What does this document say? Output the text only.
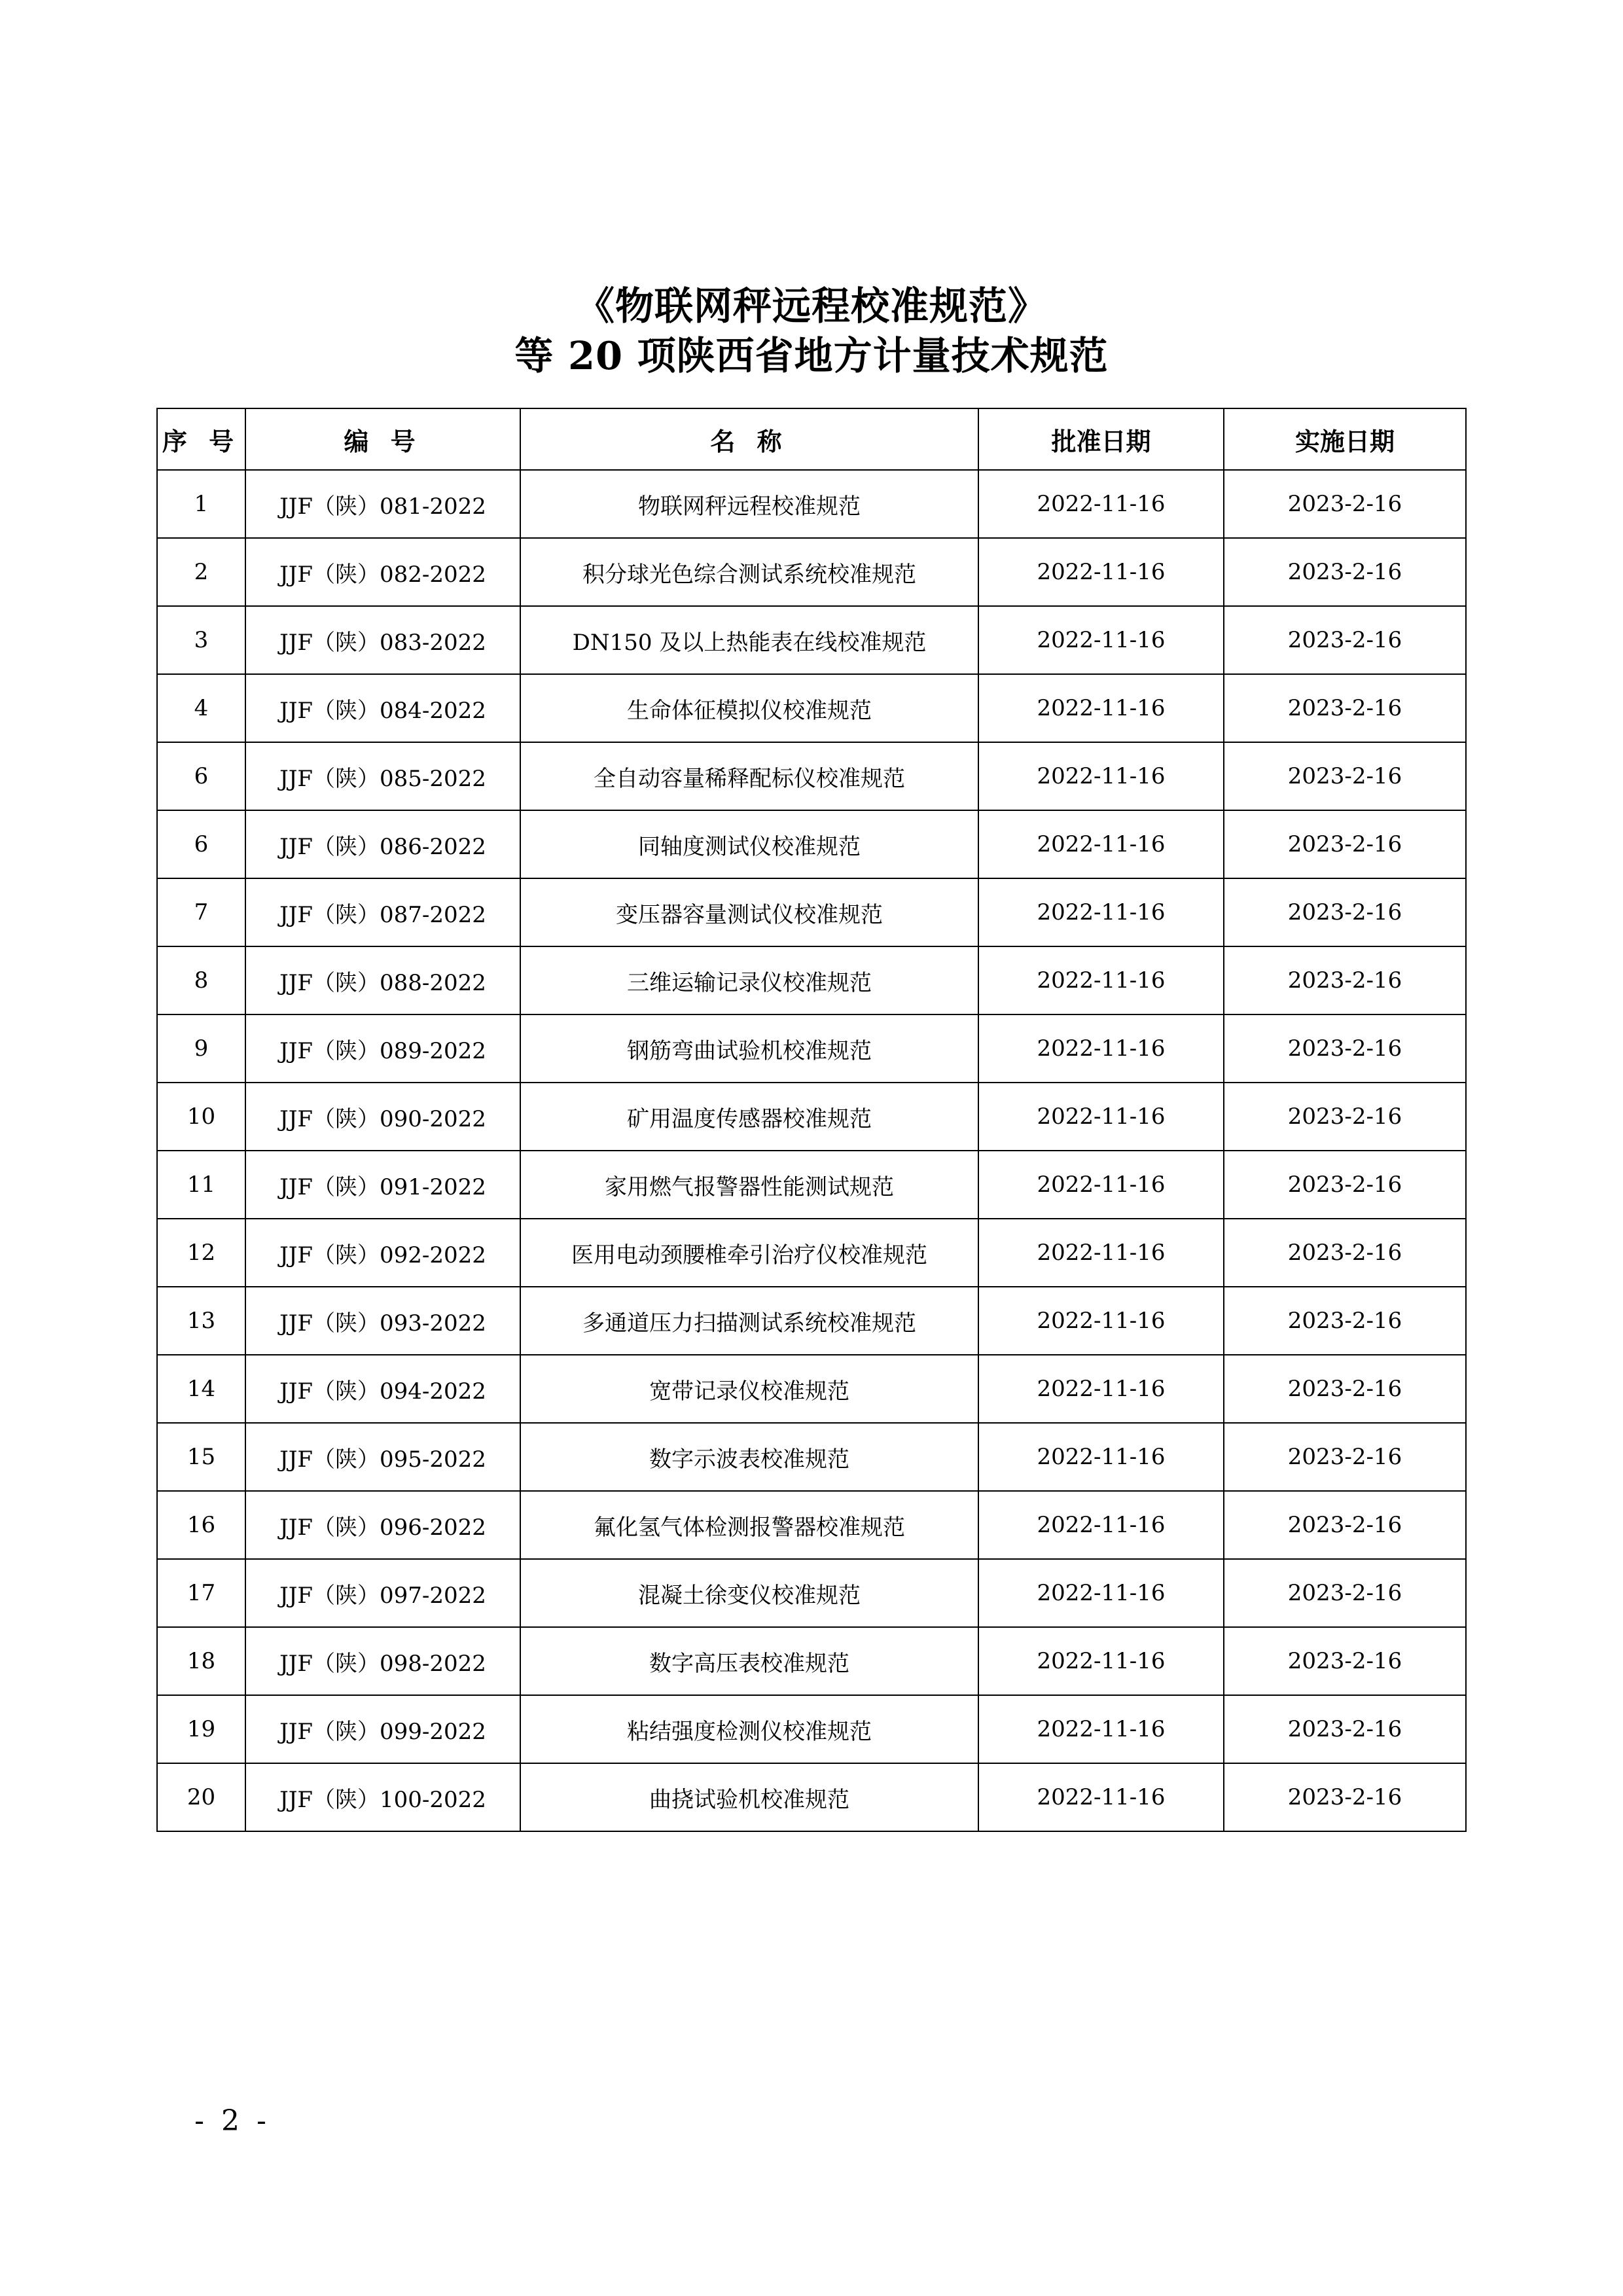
《物联网秤远程校准规范》
等 20 项陕西省地方计量技术规范
序 号	编 号	名 称	批准日期	实施日期
1	JJF（陕）081-2022	物联网秤远程校准规范	2022-11-16	2023-2-16
2	JJF（陕）082-2022	积分球光色综合测试系统校准规范	2022-11-16	2023-2-16
3	JJF（陕）083-2022	DN150 及以上热能表在线校准规范	2022-11-16	2023-2-16
4	JJF（陕）084-2022	生命体征模拟仪校准规范	2022-11-16	2023-2-16
6	JJF（陕）085-2022	全自动容量稀释配标仪校准规范	2022-11-16	2023-2-16
6	JJF（陕）086-2022	同轴度测试仪校准规范	2022-11-16	2023-2-16
7	JJF（陕）087-2022	变压器容量测试仪校准规范	2022-11-16	2023-2-16
8	JJF（陕）088-2022	三维运输记录仪校准规范	2022-11-16	2023-2-16
9	JJF（陕）089-2022	钢筋弯曲试验机校准规范	2022-11-16	2023-2-16
10	JJF（陕）090-2022	矿用温度传感器校准规范	2022-11-16	2023-2-16
11	JJF（陕）091-2022	家用燃气报警器性能测试规范	2022-11-16	2023-2-16
12	JJF（陕）092-2022	医用电动颈腰椎牵引治疗仪校准规范	2022-11-16	2023-2-16
13	JJF（陕）093-2022	多通道压力扫描测试系统校准规范	2022-11-16	2023-2-16
14	JJF（陕）094-2022	宽带记录仪校准规范	2022-11-16	2023-2-16
15	JJF（陕）095-2022	数字示波表校准规范	2022-11-16	2023-2-16
16	JJF（陕）096-2022	氟化氢气体检测报警器校准规范	2022-11-16	2023-2-16
17	JJF（陕）097-2022	混凝土徐变仪校准规范	2022-11-16	2023-2-16
18	JJF（陕）098-2022	数字高压表校准规范	2022-11-16	2023-2-16
19	JJF（陕）099-2022	粘结强度检测仪校准规范	2022-11-16	2023-2-16
20	JJF（陕）100-2022	曲挠试验机校准规范	2022-11-16	2023-2-16
- 2 -
